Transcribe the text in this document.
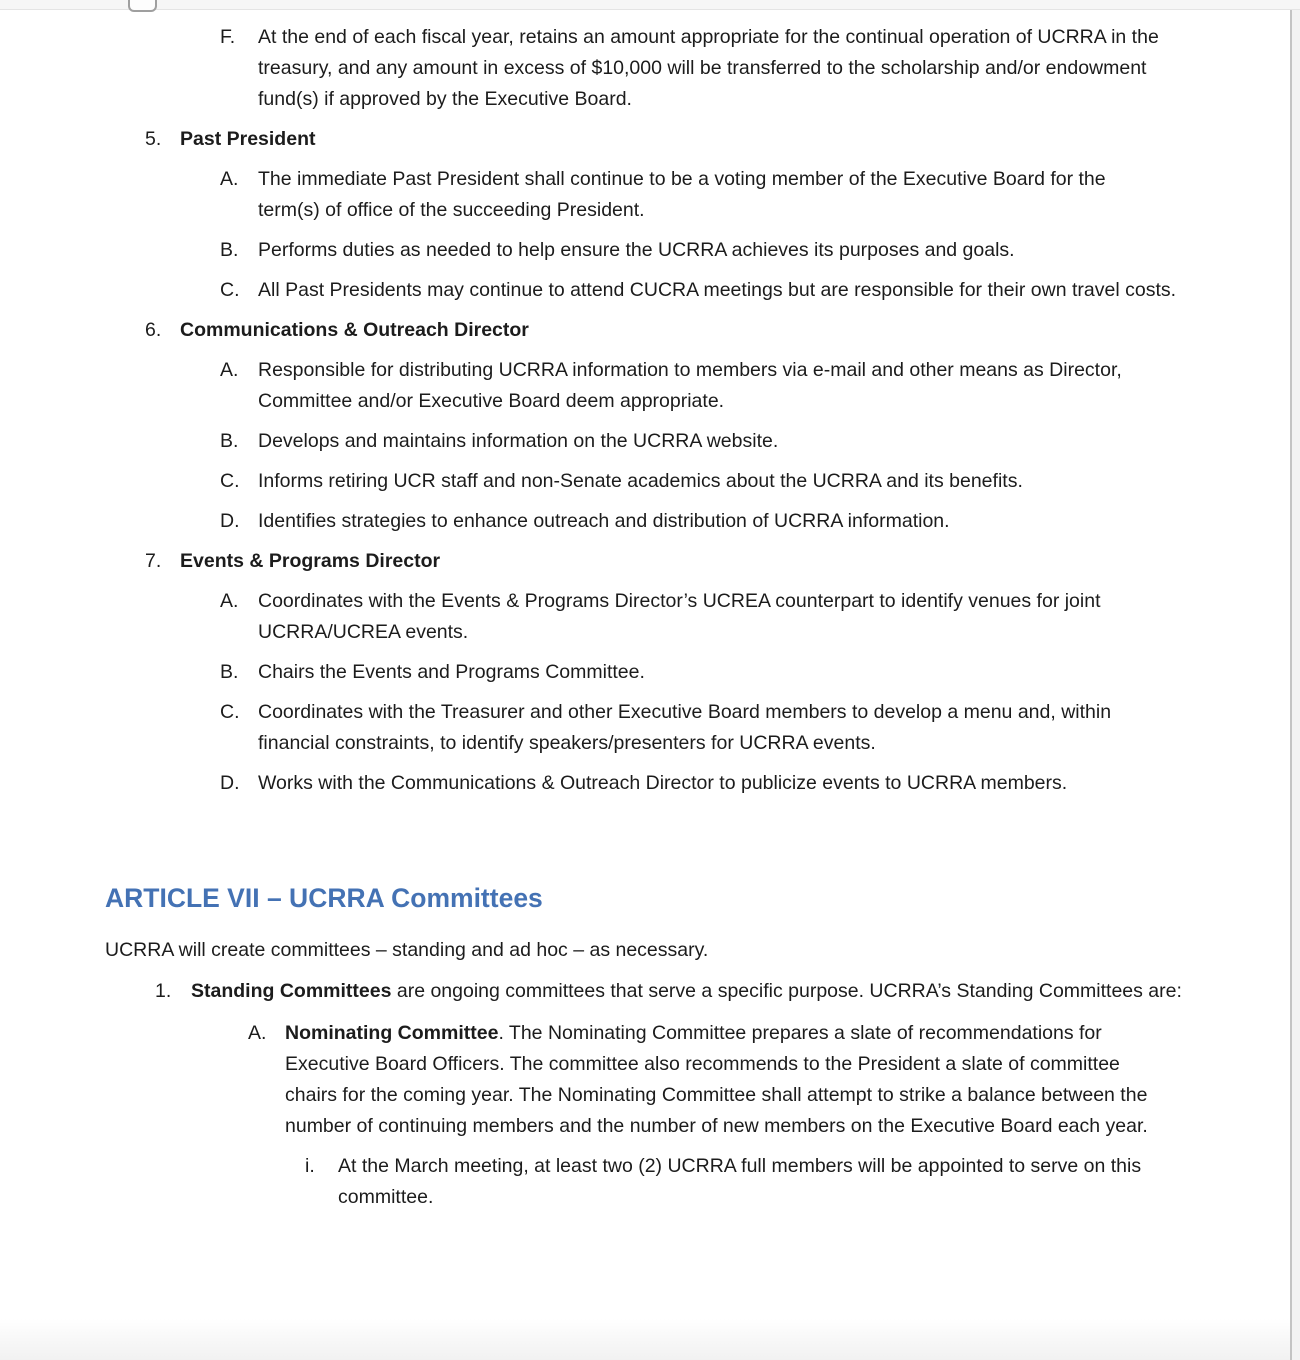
F.	At the end of each fiscal year, retains an amount appropriate for the continual operation of UCRRA in the treasury, and any amount in excess of $10,000 will be transferred to the scholarship and/or endowment fund(s) if approved by the Executive Board.
5. Past President
A.	The immediate Past President shall continue to be a voting member of the Executive Board for the term(s) of office of the succeeding President.
B.	Performs duties as needed to help ensure the UCRRA achieves its purposes and goals.
C. All Past Presidents may continue to attend CUCRA meetings but are responsible for their own travel costs.
6. Communications & Outreach Director
A.	Responsible for distributing UCRRA information to members via e-mail and other means as Director, Committee and/or Executive Board deem appropriate.
B.	Develops and maintains information on the UCRRA website.
C. Informs retiring UCR staff and non-Senate academics about the UCRRA and its benefits.
D. Identifies strategies to enhance outreach and distribution of UCRRA information.
7. Events & Programs Director
A.	Coordinates with the Events & Programs Director’s UCREA counterpart to identify venues for joint UCRRA/UCREA events.
B.	Chairs the Events and Programs Committee.
C. Coordinates with the Treasurer and other Executive Board members to develop a menu and, within financial constraints, to identify speakers/presenters for UCRRA events.
D. Works with the Communications & Outreach Director to publicize events to UCRRA members.
ARTICLE VII – UCRRA Committees

UCRRA will create committees – standing and ad hoc – as necessary.

1.	Standing Committees are ongoing committees that serve a specific purpose. UCRRA’s Standing Committees are:
A. Nominating Committee. The Nominating Committee prepares a slate of recommendations for Executive Board Officers. The committee also recommends to the President a slate of committee chairs for the coming year. The Nominating Committee shall attempt to strike a balance between the number of continuing members and the number of new members on the Executive Board each year.
i.	At the March meeting, at least two (2) UCRRA full members will be appointed to serve on this committee.
